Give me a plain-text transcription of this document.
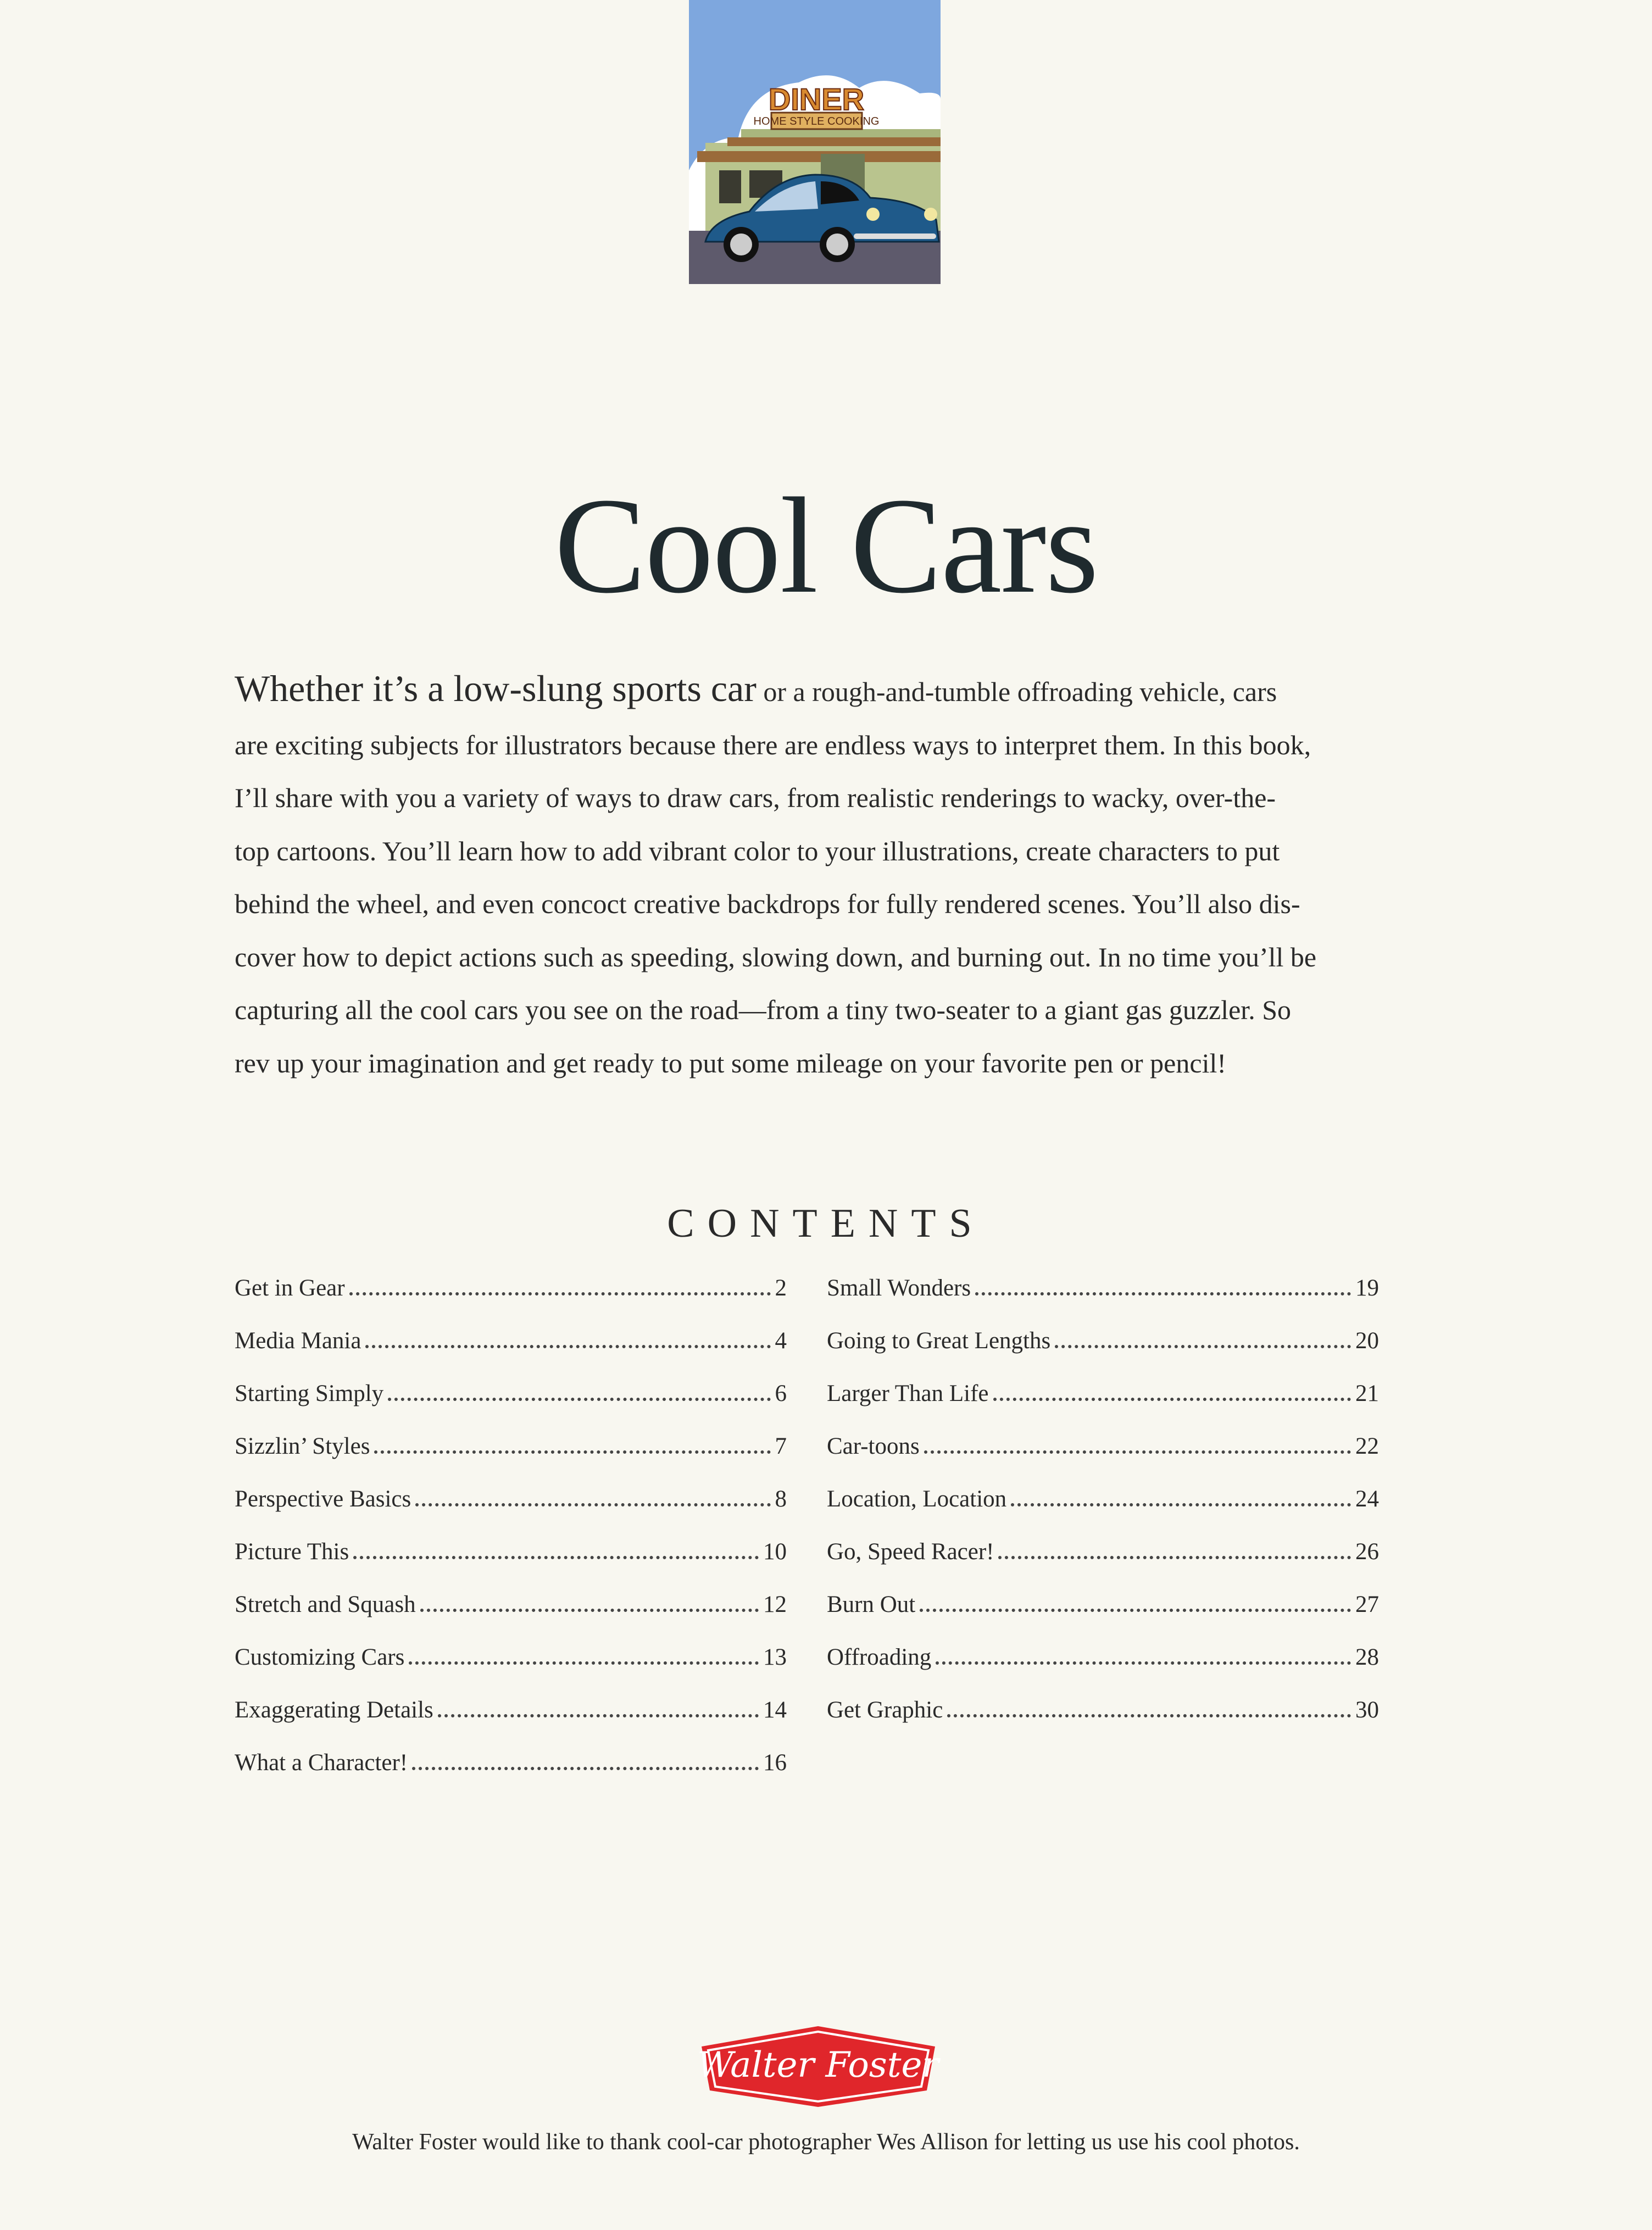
HOME STYLE COOKING
DINER
Cool Cars
Whether it’s a low-slung sports car or a rough-and-tumble offroading vehicle, cars
are exciting subjects for illustrators because there are endless ways to interpret them. In this book,
I’ll share with you a variety of ways to draw cars, from realistic renderings to wacky, over-the-
top cartoons. You’ll learn how to add vibrant color to your illustrations, create characters to put
behind the wheel, and even concoct creative backdrops for fully rendered scenes. You’ll also dis-
cover how to depict actions such as speeding, slowing down, and burning out. In no time you’ll be
capturing all the cool cars you see on the road—from a tiny two-seater to a giant gas guzzler. So
rev up your imagination and get ready to put some mileage on your favorite pen or pencil!
CONTENTS
Get in Gear	2
Media Mania	4
Starting Simply	6
Sizzlin’ Styles	7
Perspective Basics	8
Picture This	10
Stretch and Squash	12
Customizing Cars	13
Exaggerating Details	14
What a Character!	16
Small Wonders	19
Going to Great Lengths	20
Larger Than Life	21
Car-toons	22
Location, Location	24
Go, Speed Racer!	26
Burn Out	27
Offroading	28
Get Graphic	30
Walter Foster
Walter Foster would like to thank cool-car photographer Wes Allison for letting us use his cool photos.
